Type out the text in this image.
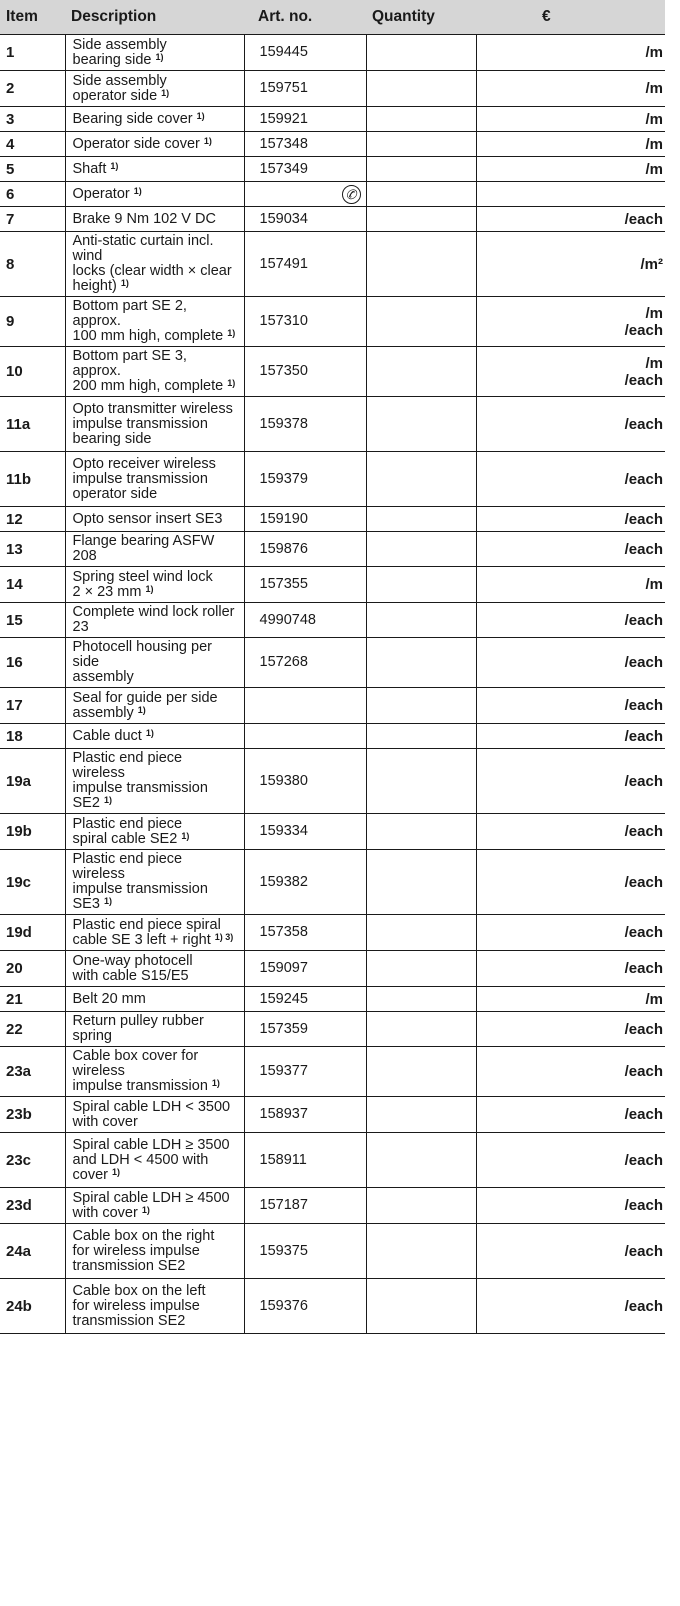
Item	Description	Art. no.	Quantity	€
1	Side assembly
bearing side $^{1)}$	159445		/m
2	Side assembly
operator side $^{1)}$	159751		/m
3	Bearing side cover $^{1)}$	159921		/m
4	Operator side cover $^{1)}$	157348		/m
5	Shaft $^{1)}$	157349		/m
6	Operator $^{1)}$	✆		
7	Brake 9 Nm 102 V DC	159034		/each
8	Anti-static curtain incl. wind
locks (clear width × clear
height) $^{1)}$	157491		/m²
9	Bottom part SE 2, approx.
100 mm high, complete $^{1)}$	157310		/m
/each
10	Bottom part SE 3, approx.
200 mm high, complete $^{1)}$	157350		/m
/each
11a	Opto transmitter wireless
impulse transmission
bearing side	159378		/each
11b	Opto receiver wireless
impulse transmission
operator side	159379		/each
12	Opto sensor insert SE3	159190		/each
13	Flange bearing ASFW 208	159876		/each
14	Spring steel wind lock
2 × 23 mm $^{1)}$	157355		/m
15	Complete wind lock roller 23	4990748		/each
16	Photocell housing per side
assembly	157268		/each
17	Seal for guide per side
assembly $^{1)}$			/each
18	Cable duct $^{1)}$			/each
19a	Plastic end piece wireless
impulse transmission SE2 $^{1)}$	159380		/each
19b	Plastic end piece
spiral cable SE2 $^{1)}$	159334		/each
19c	Plastic end piece wireless
impulse transmission SE3 $^{1)}$	159382		/each
19d	Plastic end piece spiral
cable SE 3 left + right $^{1) 3)}$	157358		/each
20	One-way photocell
with cable S15/E5	159097		/each
21	Belt 20 mm	159245		/m
22	Return pulley rubber spring	157359		/each
23a	Cable box cover for wireless
impulse transmission $^{1)}$	159377		/each
23b	Spiral cable LDH < 3500
with cover	158937		/each
23c	Spiral cable LDH ≥ 3500
and LDH < 4500 with
cover $^{1)}$	158911		/each
23d	Spiral cable LDH ≥ 4500
with cover $^{1)}$	157187		/each
24a	Cable box on the right
for wireless impulse
transmission SE2	159375		/each
24b	Cable box on the left
for wireless impulse
transmission SE2	159376		/each
